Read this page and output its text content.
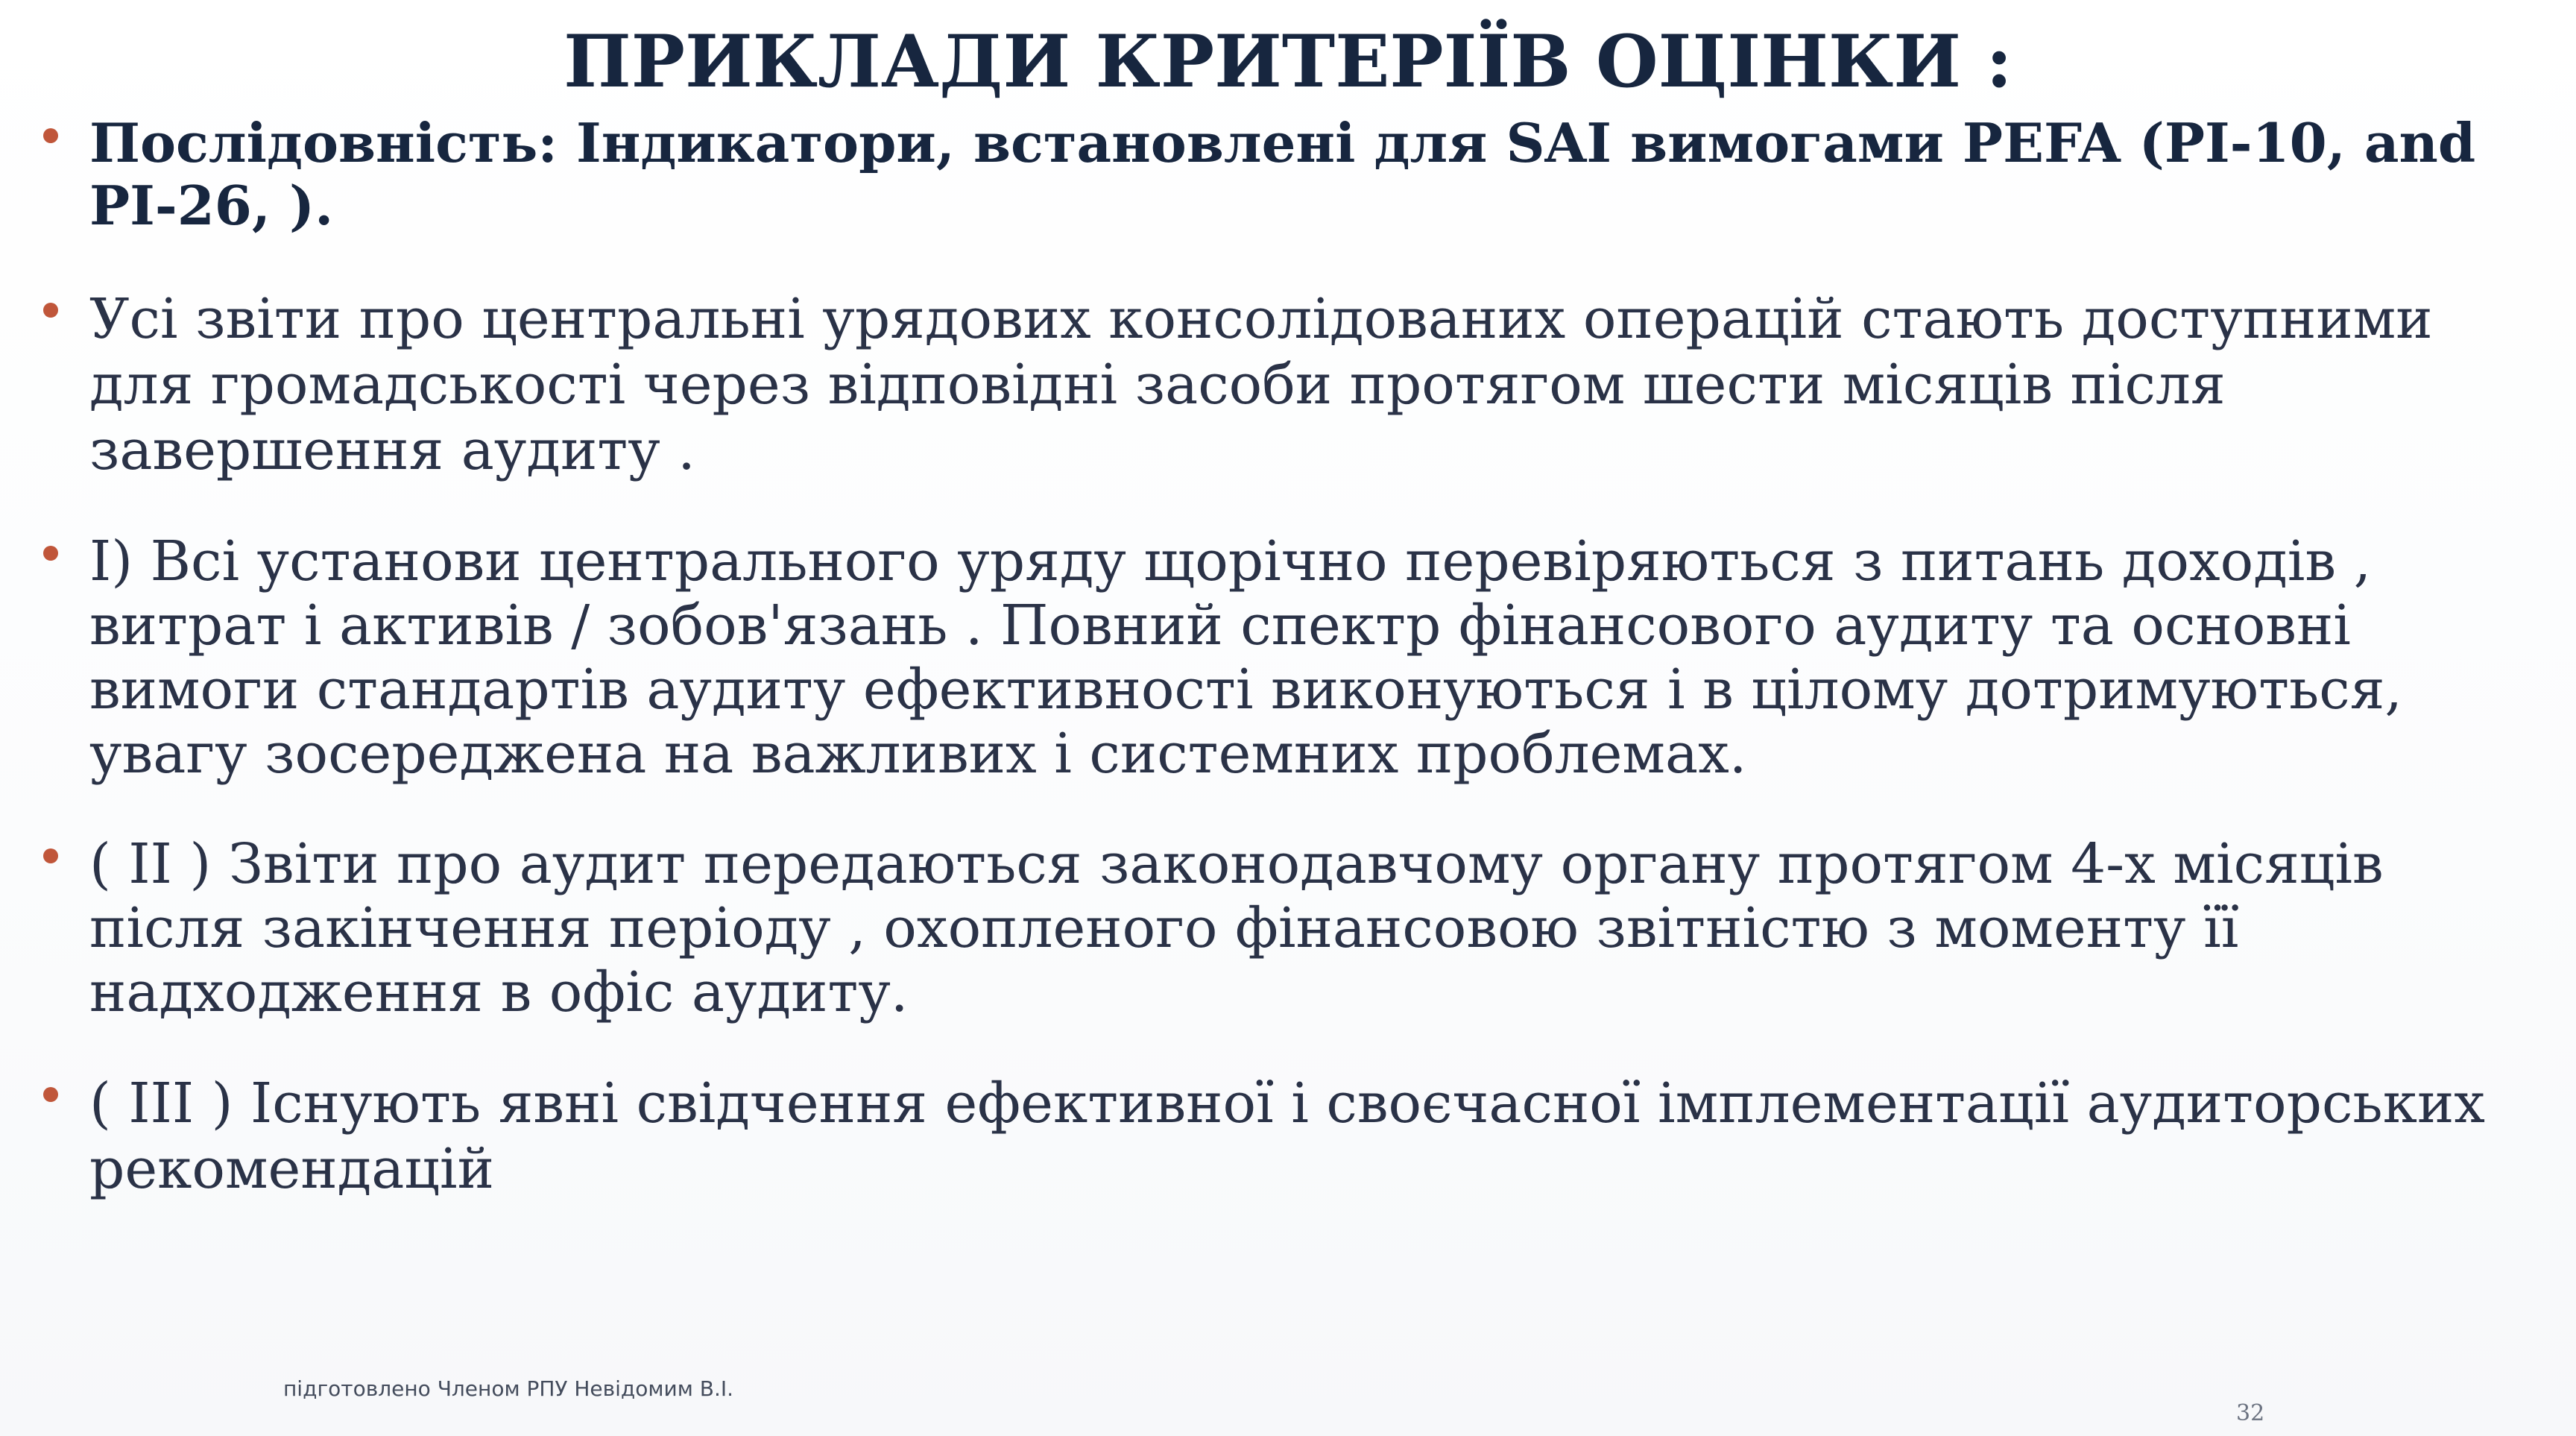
ПРИКЛАДИ КРИТЕРІЇВ ОЦІНКИ :
Послідовність: Індикатори, встановлені для SAI вимогами PEFA (PI-10, and PI-26, ).
Усі звіти про центральні урядових консолідованих операцій стають доступними для громадськості через відповідні засоби протягом шести місяців після завершення аудиту .
I) Всі установи центрального уряду щорічно перевіряються з питань доходів , витрат і активів / зобов'язань . Повний спектр фінансового аудиту та основні вимоги стандартів аудиту ефективності виконуються і в цілому дотримуються, увагу зосереджена на важливих і системних проблемах.
( II ) Звіти про аудит передаються законодавчому органу протягом 4-х місяців після закінчення періоду , охопленого фінансовою звітністю з моменту її надходження в офіс аудиту.
( III ) Існують явні свідчення ефективної і своєчасної імплементації аудиторських рекомендацій
підготовлено Членом РПУ Невідомим В.І.
32
